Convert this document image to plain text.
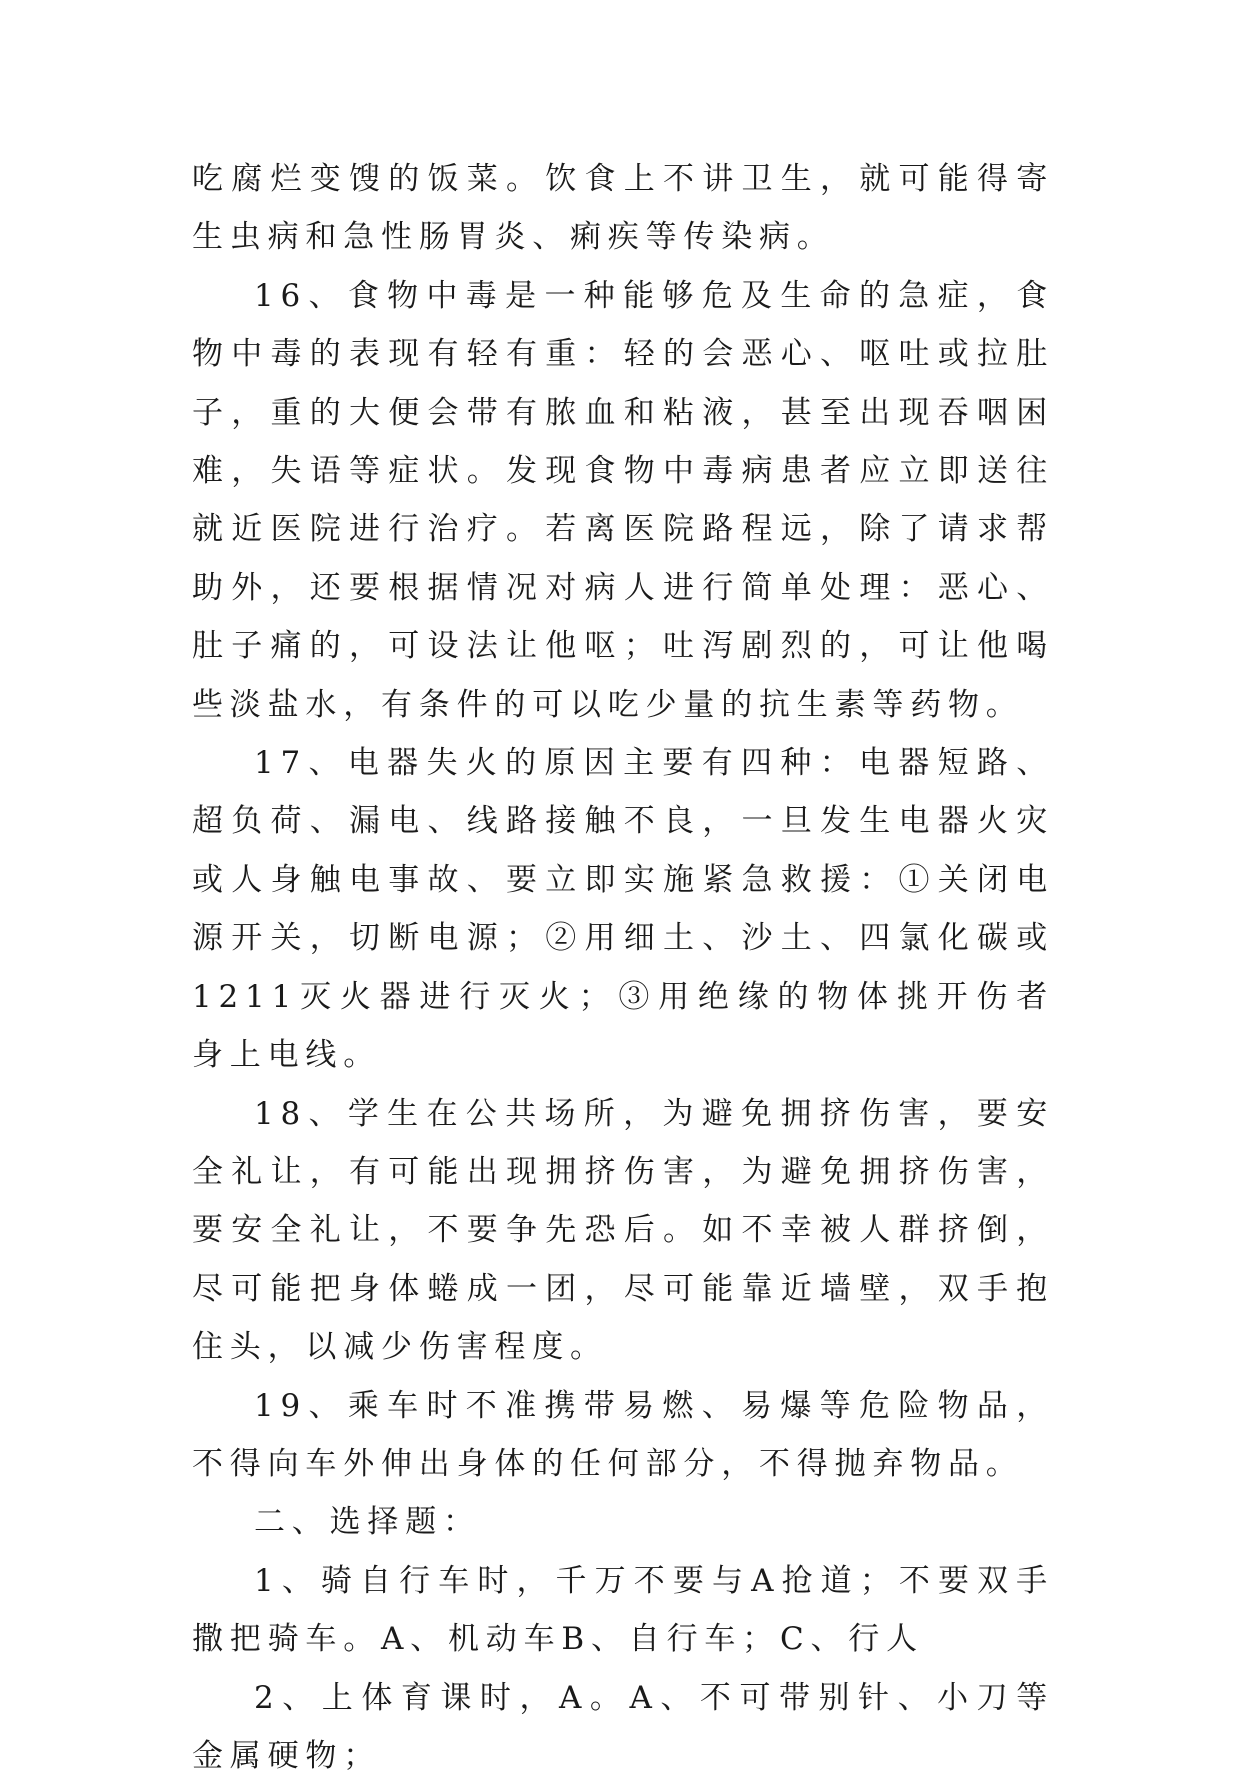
吃腐烂变馊的饭菜。饮食上不讲卫生，就可能得寄生虫病和急性肠胃炎、痢疾等传染病。

16、食物中毒是一种能够危及生命的急症，食物中毒的表现有轻有重：轻的会恶心、呕吐或拉肚子，重的大便会带有脓血和粘液，甚至出现吞咽困难，失语等症状。发现食物中毒病患者应立即送往就近医院进行治疗。若离医院路程远，除了请求帮助外，还要根据情况对病人进行简单处理：恶心、肚子痛的，可设法让他呕；吐泻剧烈的，可让他喝些淡盐水，有条件的可以吃少量的抗生素等药物。

17、电器失火的原因主要有四种：电器短路、超负荷、漏电、线路接触不良，一旦发生电器火灾或人身触电事故、要立即实施紧急救援：①关闭电源开关，切断电源；②用细土、沙土、四氯化碳或1211灭火器进行灭火；③用绝缘的物体挑开伤者身上电线。

18、学生在公共场所，为避免拥挤伤害，要安全礼让，有可能出现拥挤伤害，为避免拥挤伤害，要安全礼让，不要争先恐后。如不幸被人群挤倒，尽可能把身体蜷成一团，尽可能靠近墙壁，双手抱住头，以减少伤害程度。

19、乘车时不准携带易燃、易爆等危险物品，不得向车外伸出身体的任何部分，不得抛弃物品。

二、选择题：

1、骑自行车时，千万不要与A抢道；不要双手撒把骑车。A、机动车B、自行车；C、行人

2、上体育课时，A。A、不可带别针、小刀等金属硬物；
